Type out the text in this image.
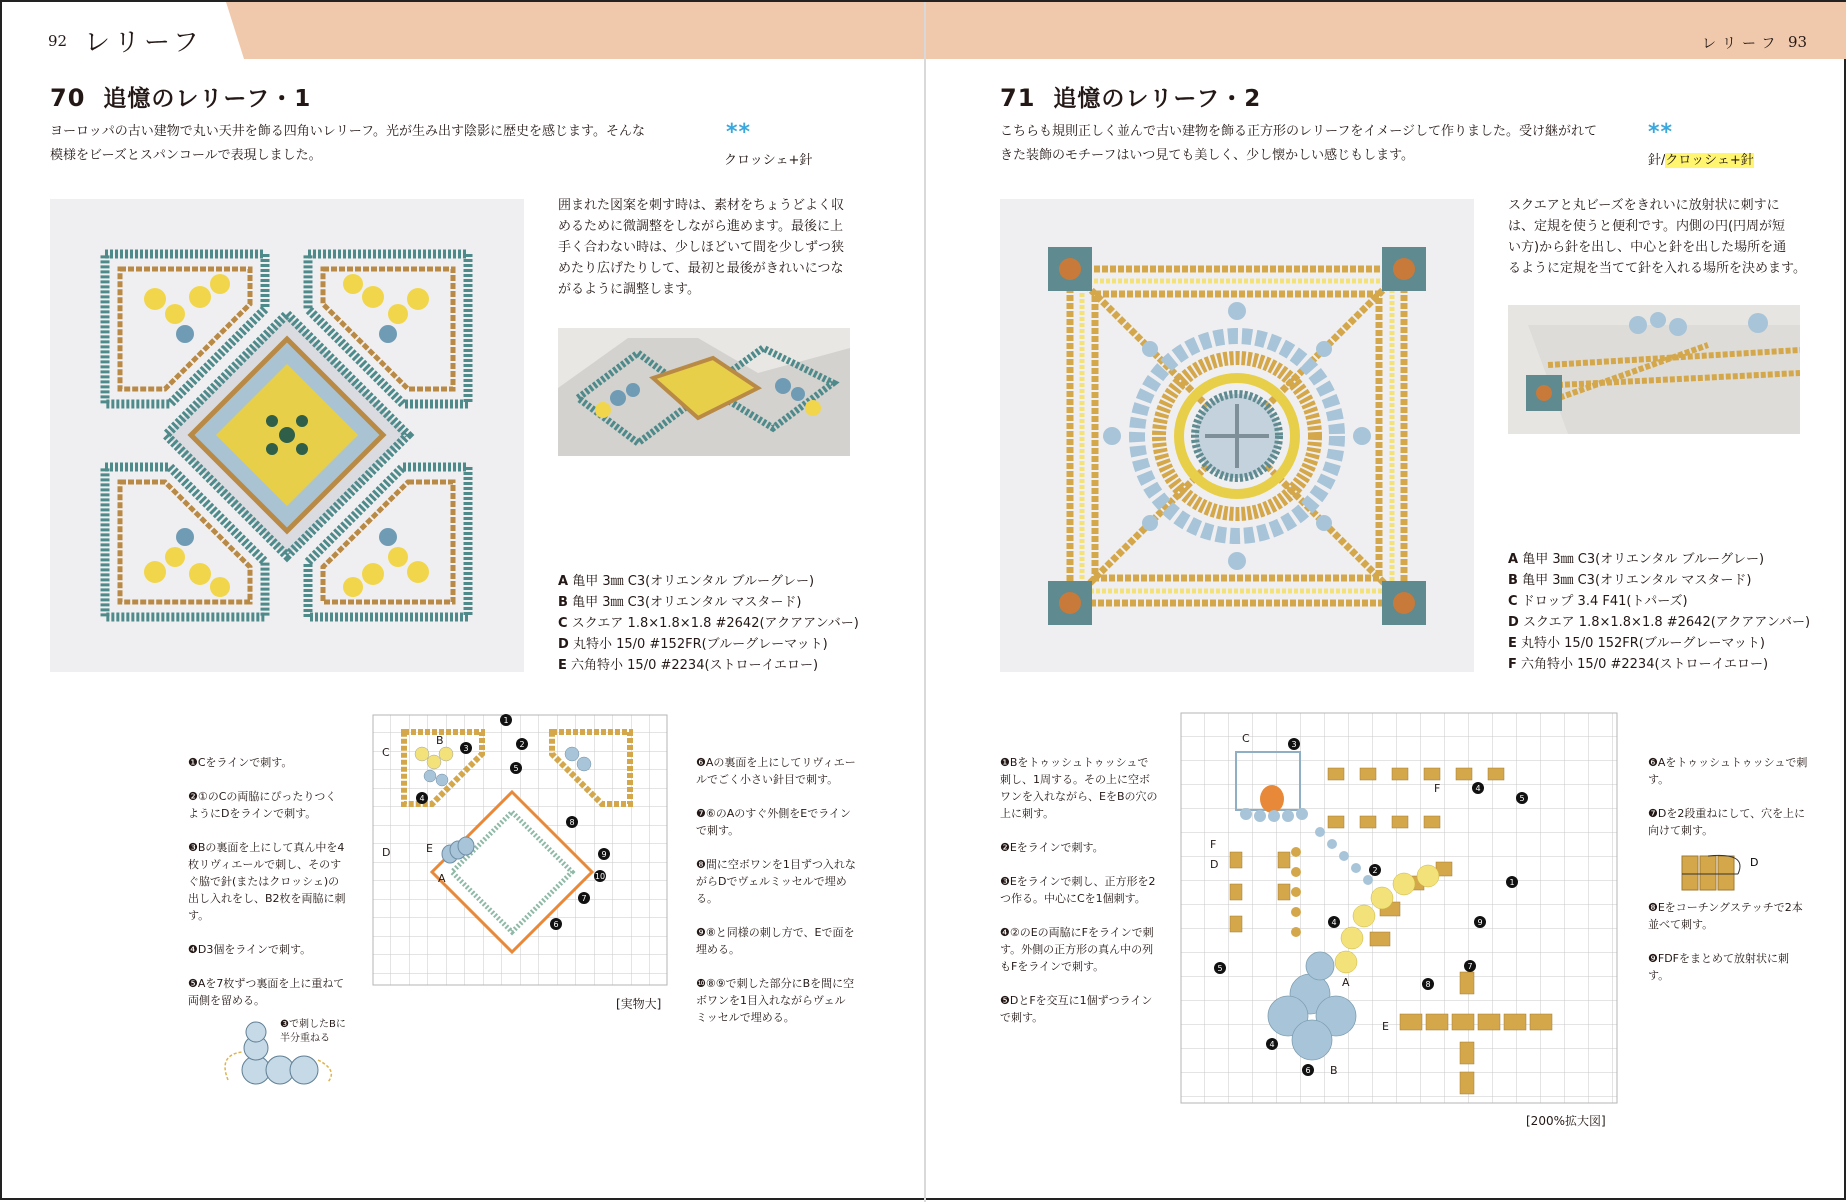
92 レリーフ	レリーフ 93
70 追憶のレリーフ・1
ヨーロッパの古い建物で丸い天井を飾る四角いレリーフ。光が生み出す陰影に歴史を感じます。そんな
模様をビーズとスパンコールで表現しました。
**
クロッシェ+針
囲まれた図案を刺す時は、素材をちょうどよく収
めるために微調整をしながら進めます。最後に上
手く合わない時は、少しほどいて間を少しずつ狭
めたり広げたりして、最初と最後がきれいにつな
がるように調整します。
A 亀甲 3㎜ C3(オリエンタル ブルーグレー)
B 亀甲 3㎜ C3(オリエンタル マスタード)
C スクエア 1.8×1.8×1.8 #2642(アクアアンバー)
D 丸特小 15/0 #152FR(ブルーグレーマット)
E 六角特小 15/0 #2234(ストローイエロー)

❶Cをラインで刺す。

❷①のCの両脇にぴったりつくようにDをラインで刺す。

❸Bの裏面を上にして真ん中を4枚リヴィエールで刺し、そのすぐ脇で針(またはクロッシェ)の出し入れをし、B2枚を両脇に刺す。

❹D3個をラインで刺す。

❺Aを7枚ずつ裏面を上に重ねて両側を留める。

❸で刺したBに
半分重ねる
1
2
3
4
5
6
7
8
9
10
C
B
D	E
A
[実物大]

❻Aの裏面を上にしてリヴィエールでごく小さい針目で刺す。

❼⑥のAのすぐ外側をEでラインで刺す。

❽間に空ボワンを1目ずつ入れながらDでヴェルミッセルで埋める。

❾⑧と同様の刺し方で、Eで面を埋める。

❿⑧⑨で刺した部分にBを間に空ボワンを1目入れながらヴェルミッセルで埋める。

71 追憶のレリーフ・2
こちらも規則正しく並んで古い建物を飾る正方形のレリーフをイメージして作りました。受け継がれて
きた装飾のモチーフはいつ見ても美しく、少し懐かしい感じもします。
**
針/クロッシェ+針
スクエアと丸ビーズをきれいに放射状に刺すに
は、定規を使うと便利です。内側の円(円周が短
い方)から針を出し、中心と針を出した場所を通
るように定規を当てて針を入れる場所を決めます。
A 亀甲 3㎜ C3(オリエンタル ブルーグレー)
B 亀甲 3㎜ C3(オリエンタル マスタード)
C ドロップ 3.4 F41(トパーズ)
D スクエア 1.8×1.8×1.8 #2642(アクアアンバー)
E 丸特小 15/0 152FR(ブルーグレーマット)
F 六角特小 15/0 #2234(ストローイエロー)

❶Bをトゥッシュトゥッシュで刺し、1周する。その上に空ボワンを入れながら、EをBの穴の上に刺す。

❷Eをラインで刺す。

❸Eをラインで刺し、正方形を2つ作る。中心にCを1個刺す。

❹②のEの両脇にFをラインで刺す。外側の正方形の真ん中の列もFをラインで刺す。

❺DとFを交互に1個ずつラインで刺す。

1
2
3
4
5
4
5
4
6
7
8
9
C
F
F
D
A
B
E
[200%拡大図]

❻Aをトゥッシュトゥッシュで刺す。

❼Dを2段重ねにして、穴を上に向けて刺す。

❽Eをコーチングステッチで2本並べて刺す。

❾FDFをまとめて放射状に刺す。

D
